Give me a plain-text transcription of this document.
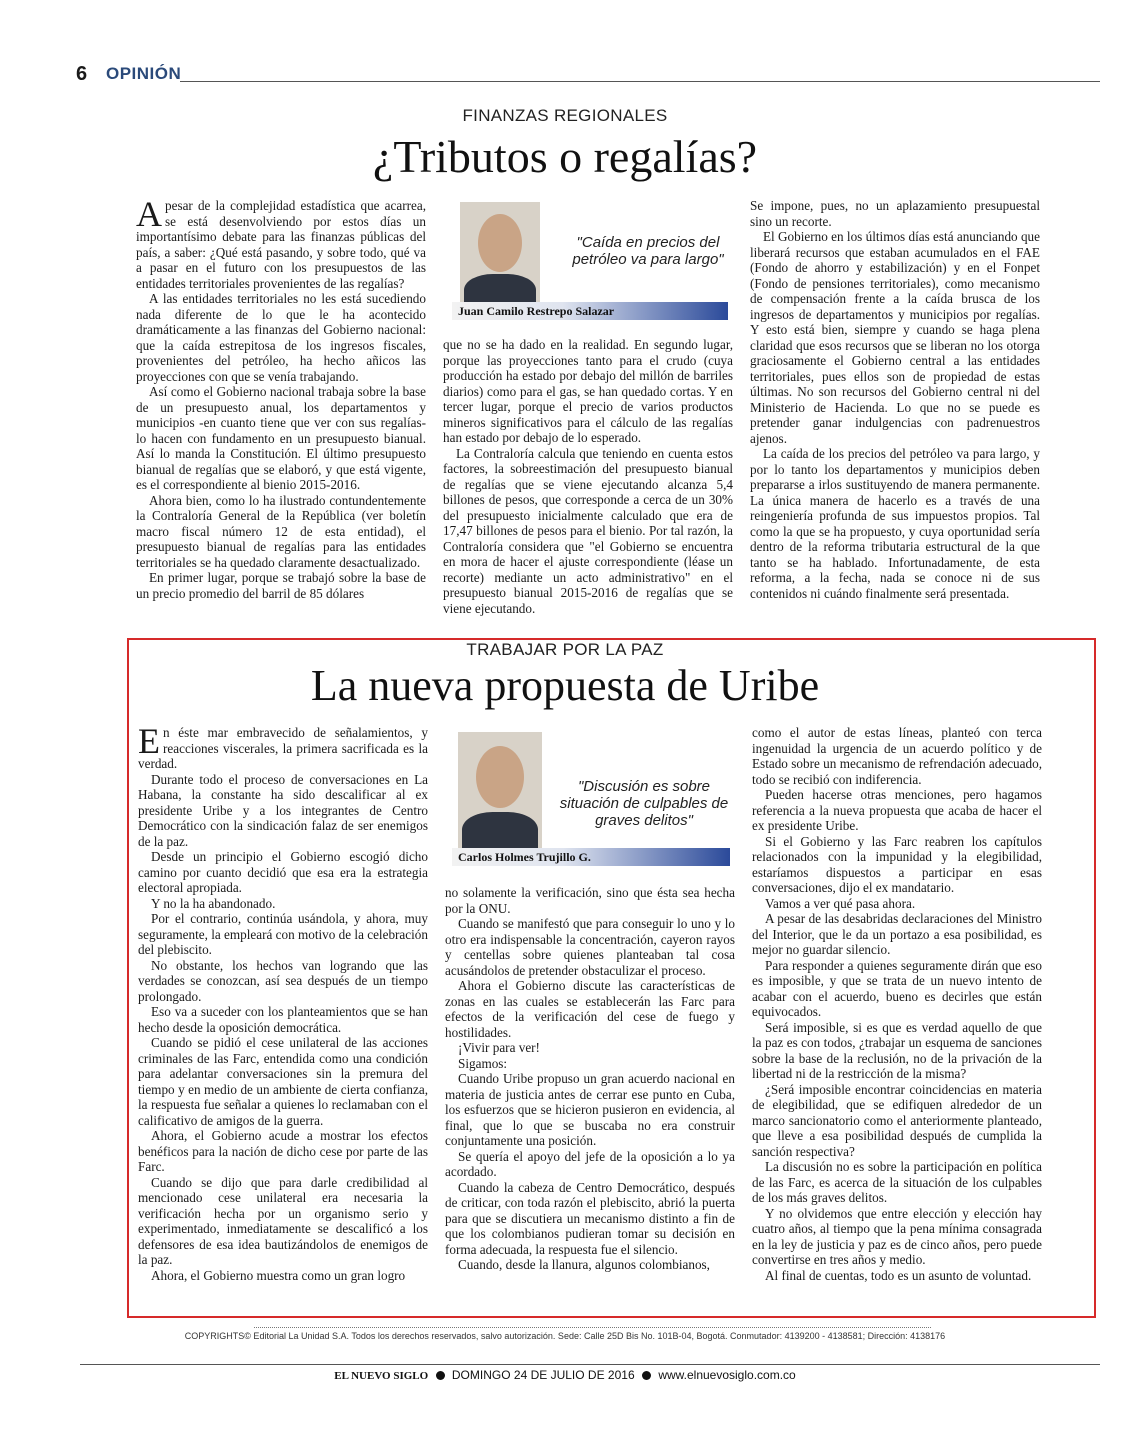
6 OPINIÓN
FINANZAS REGIONALES
¿Tributos o regalías?

Apesar de la complejidad estadística que acarrea, se está desenvolviendo por estos días un importantísimo debate para las finanzas públicas del país, a saber: ¿Qué está pasando, y sobre todo, qué va a pasar en el futuro con los presupuestos de las entidades territoriales provenientes de las regalías?

A las entidades territoriales no les está sucediendo nada diferente de lo que le ha acontecido dramáticamente a las finanzas del Gobierno nacional: que la caída estrepitosa de los ingresos fiscales, provenientes del petróleo, ha hecho añicos las proyecciones con que se venía trabajando.

Así como el Gobierno nacional trabaja sobre la base de un presupuesto anual, los departamentos y municipios -en cuanto tiene que ver con sus regalías- lo hacen con fundamento en un presupuesto bianual. Así lo manda la Constitución. El último presupuesto bianual de regalías que se elaboró, y que está vigente, es el correspondiente al bienio 2015-2016.

Ahora bien, como lo ha ilustrado contundentemente la Contraloría General de la República (ver boletín macro fiscal número 12 de esta entidad), el presupuesto bianual de regalías para las entidades territoriales se ha quedado claramente desactualizado.

En primer lugar, porque se trabajó sobre la base de un precio promedio del barril de 85 dólares

"Caída en precios del petróleo va para largo"
Juan Camilo Restrepo Salazar

que no se ha dado en la realidad. En segundo lugar, porque las proyecciones tanto para el crudo (cuya producción ha estado por debajo del millón de barriles diarios) como para el gas, se han quedado cortas. Y en tercer lugar, porque el precio de varios productos mineros significativos para el cálculo de las regalías han estado por debajo de lo esperado.

La Contraloría calcula que teniendo en cuenta estos factores, la sobreestimación del presupuesto bianual de regalías que se viene ejecutando alcanza 5,4 billones de pesos, que corresponde a cerca de un 30% del presupuesto inicialmente calculado que era de 17,47 billones de pesos para el bienio. Por tal razón, la Contraloría considera que "el Gobierno se encuentra en mora de hacer el ajuste correspondiente (léase un recorte) mediante un acto administrativo" en el presupuesto bianual 2015-2016 de regalías que se viene ejecutando.

Se impone, pues, no un aplazamiento presupuestal sino un recorte.

El Gobierno en los últimos días está anunciando que liberará recursos que estaban acumulados en el FAE (Fondo de ahorro y estabilización) y en el Fonpet (Fondo de pensiones territoriales), como mecanismo de compensación frente a la caída brusca de los ingresos de departamentos y municipios por regalías. Y esto está bien, siempre y cuando se haga plena claridad que esos recursos que se liberan no los otorga graciosamente el Gobierno central a las entidades territoriales, pues ellos son de propiedad de estas últimas. No son recursos del Gobierno central ni del Ministerio de Hacienda. Lo que no se puede es pretender ganar indulgencias con padrenuestros ajenos.

La caída de los precios del petróleo va para largo, y por lo tanto los departamentos y municipios deben prepararse a irlos sustituyendo de manera permanente. La única manera de hacerlo es a través de una reingeniería profunda de sus impuestos propios. Tal como la que se ha propuesto, y cuya oportunidad sería dentro de la reforma tributaria estructural de la que tanto se ha hablado. Infortunadamente, de esta reforma, a la fecha, nada se conoce ni de sus contenidos ni cuándo finalmente será presentada.

TRABAJAR POR LA PAZ
La nueva propuesta de Uribe

En éste mar embravecido de señalamientos, y reacciones viscerales, la primera sacrificada es la verdad.

Durante todo el proceso de conversaciones en La Habana, la constante ha sido descalificar al ex presidente Uribe y a los integrantes de Centro Democrático con la sindicación falaz de ser enemigos de la paz.

Desde un principio el Gobierno escogió dicho camino por cuanto decidió que esa era la estrategia electoral apropiada.

Y no la ha abandonado.

Por el contrario, continúa usándola, y ahora, muy seguramente, la empleará con motivo de la celebración del plebiscito.

No obstante, los hechos van logrando que las verdades se conozcan, así sea después de un tiempo prolongado.

Eso va a suceder con los planteamientos que se han hecho desde la oposición democrática.

Cuando se pidió el cese unilateral de las acciones criminales de las Farc, entendida como una condición para adelantar conversaciones sin la premura del tiempo y en medio de un ambiente de cierta confianza, la respuesta fue señalar a quienes lo reclamaban con el calificativo de amigos de la guerra.

Ahora, el Gobierno acude a mostrar los efectos benéficos para la nación de dicho cese por parte de las Farc.

Cuando se dijo que para darle credibilidad al mencionado cese unilateral era necesaria la verificación hecha por un organismo serio y experimentado, inmediatamente se descalificó a los defensores de esa idea bautizándolos de enemigos de la paz.

Ahora, el Gobierno muestra como un gran logro

"Discusión es sobre situación de culpables de graves delitos"
Carlos Holmes Trujillo G.

no solamente la verificación, sino que ésta sea hecha por la ONU.

Cuando se manifestó que para conseguir lo uno y lo otro era indispensable la concentración, cayeron rayos y centellas sobre quienes planteaban tal cosa acusándolos de pretender obstaculizar el proceso.

Ahora el Gobierno discute las características de zonas en las cuales se establecerán las Farc para efectos de la verificación del cese de fuego y hostilidades.

¡Vivir para ver!

Sigamos:

Cuando Uribe propuso un gran acuerdo nacional en materia de justicia antes de cerrar ese punto en Cuba, los esfuerzos que se hicieron pusieron en evidencia, al final, que lo que se buscaba no era construir conjuntamente una posición.

Se quería el apoyo del jefe de la oposición a lo ya acordado.

Cuando la cabeza de Centro Democrático, después de criticar, con toda razón el plebiscito, abrió la puerta para que se discutiera un mecanismo distinto a fin de que los colombianos pudieran tomar su decisión en forma adecuada, la respuesta fue el silencio.

Cuando, desde la llanura, algunos colombianos,

como el autor de estas líneas, planteó con terca ingenuidad la urgencia de un acuerdo político y de Estado sobre un mecanismo de refrendación adecuado, todo se recibió con indiferencia.

Pueden hacerse otras menciones, pero hagamos referencia a la nueva propuesta que acaba de hacer el ex presidente Uribe.

Si el Gobierno y las Farc reabren los capítulos relacionados con la impunidad y la elegibilidad, estaríamos dispuestos a participar en esas conversaciones, dijo el ex mandatario.

Vamos a ver qué pasa ahora.

A pesar de las desabridas declaraciones del Ministro del Interior, que le da un portazo a esa posibilidad, es mejor no guardar silencio.

Para responder a quienes seguramente dirán que eso es imposible, y que se trata de un nuevo intento de acabar con el acuerdo, bueno es decirles que están equivocados.

Será imposible, si es que es verdad aquello de que la paz es con todos, ¿trabajar un esquema de sanciones sobre la base de la reclusión, no de la privación de la libertad ni de la restricción de la misma?

¿Será imposible encontrar coincidencias en materia de elegibilidad, que se edifiquen alrededor de un marco sancionatorio como el anteriormente planteado, que lleve a esa posibilidad después de cumplida la sanción respectiva?

La discusión no es sobre la participación en política de las Farc, es acerca de la situación de los culpables de los más graves delitos.

Y no olvidemos que entre elección y elección hay cuatro años, al tiempo que la pena mínima consagrada en la ley de justicia y paz es de cinco años, pero puede convertirse en tres años y medio.

Al final de cuentas, todo es un asunto de voluntad.

COPYRIGHTS© Editorial La Unidad S.A. Todos los derechos reservados, salvo autorización. Sede: Calle 25D Bis No. 101B-04, Bogotá. Conmutador: 4139200 - 4138581; Dirección: 4138176
EL NUEVO SIGLO DOMINGO 24 DE JULIO DE 2016 www.elnuevosiglo.com.co
